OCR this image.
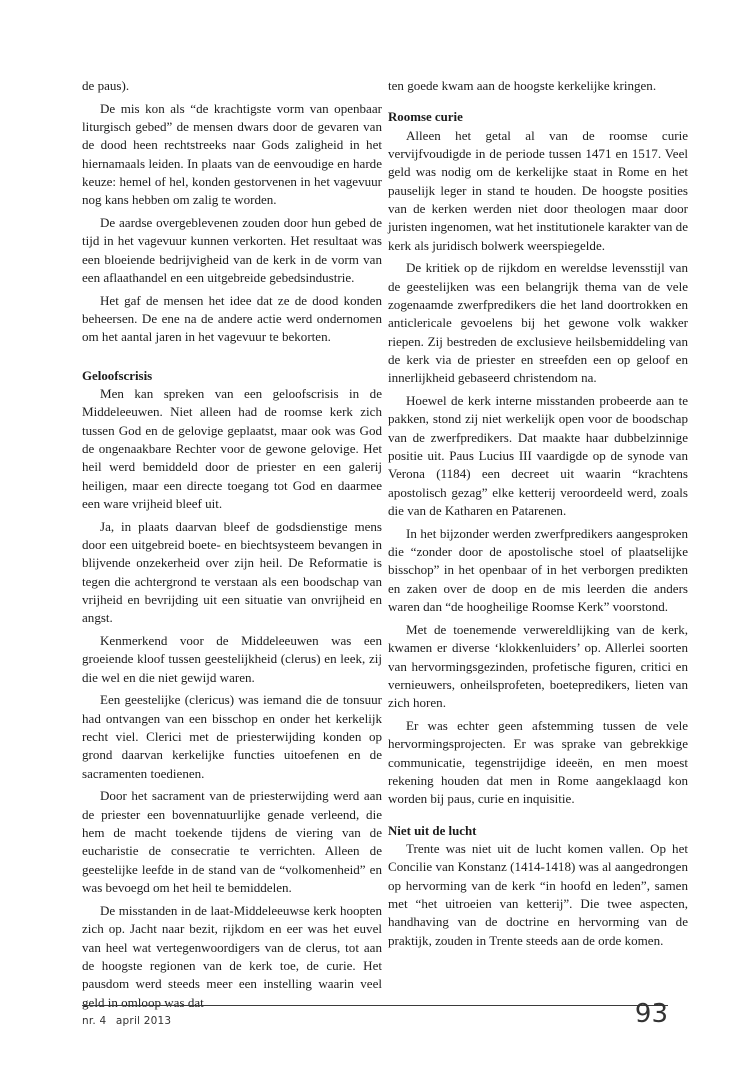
de paus).

De mis kon als “de krachtigste vorm van openbaar liturgisch gebed” de mensen dwars door de gevaren van de dood heen rechtstreeks naar Gods zaligheid in het hiernamaals leiden. In plaats van de eenvoudige en harde keuze: hemel of hel, konden gestorvenen in het vagevuur nog kans hebben om zalig te worden.

De aardse overgeblevenen zouden door hun gebed de tijd in het vagevuur kunnen verkorten. Het resultaat was een bloeiende bedrijvigheid van de kerk in de vorm van een aflaathandel en een uitgebreide gebedsindustrie.

Het gaf de mensen het idee dat ze de dood konden beheersen. De ene na de andere actie werd ondernomen om het aantal jaren in het vagevuur te bekorten.

Geloofscrisis

Men kan spreken van een geloofscrisis in de Middeleeuwen. Niet alleen had de roomse kerk zich tussen God en de gelovige geplaatst, maar ook was God de ongenaakbare Rechter voor de gewone gelovige. Het heil werd bemiddeld door de priester en een galerij heiligen, maar een directe toegang tot God en daarmee een ware vrijheid bleef uit.

Ja, in plaats daarvan bleef de godsdienstige mens door een uitgebreid boete- en biechtsysteem bevangen in blijvende onzekerheid over zijn heil. De Reformatie is tegen die achtergrond te verstaan als een boodschap van vrijheid en bevrijding uit een situatie van onvrijheid en angst.

Kenmerkend voor de Middeleeuwen was een groeiende kloof tussen geestelijkheid (clerus) en leek, zij die wel en die niet gewijd waren.

Een geestelijke (clericus) was iemand die de tonsuur had ontvangen van een bisschop en onder het kerkelijk recht viel. Clerici met de priesterwijding konden op grond daarvan kerkelijke functies uitoefenen en de sacramenten toedienen.

Door het sacrament van de priesterwijding werd aan de priester een bovennatuurlijke genade verleend, die hem de macht toekende tijdens de viering van de eucharistie de consecratie te verrichten. Alleen de geestelijke leefde in de stand van de “volkomenheid” en was bevoegd om het heil te bemiddelen.

De misstanden in de laat-Middeleeuwse kerk hoopten zich op. Jacht naar bezit, rijkdom en eer was het euvel van heel wat vertegenwoordigers van de clerus, tot aan de hoogste regionen van de kerk toe, de curie. Het pausdom werd steeds meer een instelling waarin veel geld in omloop was dat

ten goede kwam aan de hoogste kerkelijke kringen.

Roomse curie

Alleen het getal al van de roomse curie vervijfvoudigde in de periode tussen 1471 en 1517. Veel geld was nodig om de kerkelijke staat in Rome en het pauselijk leger in stand te houden. De hoogste posities van de kerken werden niet door theologen maar door juristen ingenomen, wat het institutionele karakter van de kerk als juridisch bolwerk weerspiegelde.

De kritiek op de rijkdom en wereldse levensstijl van de geestelijken was een belangrijk thema van de vele zogenaamde zwerfpredikers die het land doortrokken en anticlericale gevoelens bij het gewone volk wakker riepen. Zij bestreden de exclusieve heilsbemiddeling van de kerk via de priester en streefden een op geloof en innerlijkheid gebaseerd christendom na.

Hoewel de kerk interne misstanden probeerde aan te pakken, stond zij niet werkelijk open voor de boodschap van de zwerfpredikers. Dat maakte haar dubbelzinnige positie uit. Paus Lucius III vaardigde op de synode van Verona (1184) een decreet uit waarin “krachtens apostolisch gezag” elke ketterij veroordeeld werd, zoals die van de Katharen en Patarenen.

In het bijzonder werden zwerfpredikers aangesproken die “zonder door de apostolische stoel of plaatselijke bisschop” in het openbaar of in het verborgen predikten en zaken over de doop en de mis leerden die anders waren dan “de hoogheilige Roomse Kerk” voorstond.

Met de toenemende verwereldlijking van de kerk, kwamen er diverse ‘klokkenluiders’ op. Allerlei soorten van hervormingsgezinden, profetische figuren, critici en vernieuwers, onheilsprofeten, boetepredikers, lieten van zich horen.

Er was echter geen afstemming tussen de vele hervormingsprojecten. Er was sprake van gebrekkige communicatie, tegenstrijdige ideeën, en men moest rekening houden dat men in Rome aangeklaagd kon worden bij paus, curie en inquisitie.

Niet uit de lucht

Trente was niet uit de lucht komen vallen. Op het Concilie van Konstanz (1414-1418) was al aangedrongen op hervorming van de kerk “in hoofd en leden”, samen met “het uitroeien van ketterij”. Die twee aspecten, handhaving van de doctrine en hervorming van de praktijk, zouden in Trente steeds aan de orde komen.

nr. 4 april 2013	93
